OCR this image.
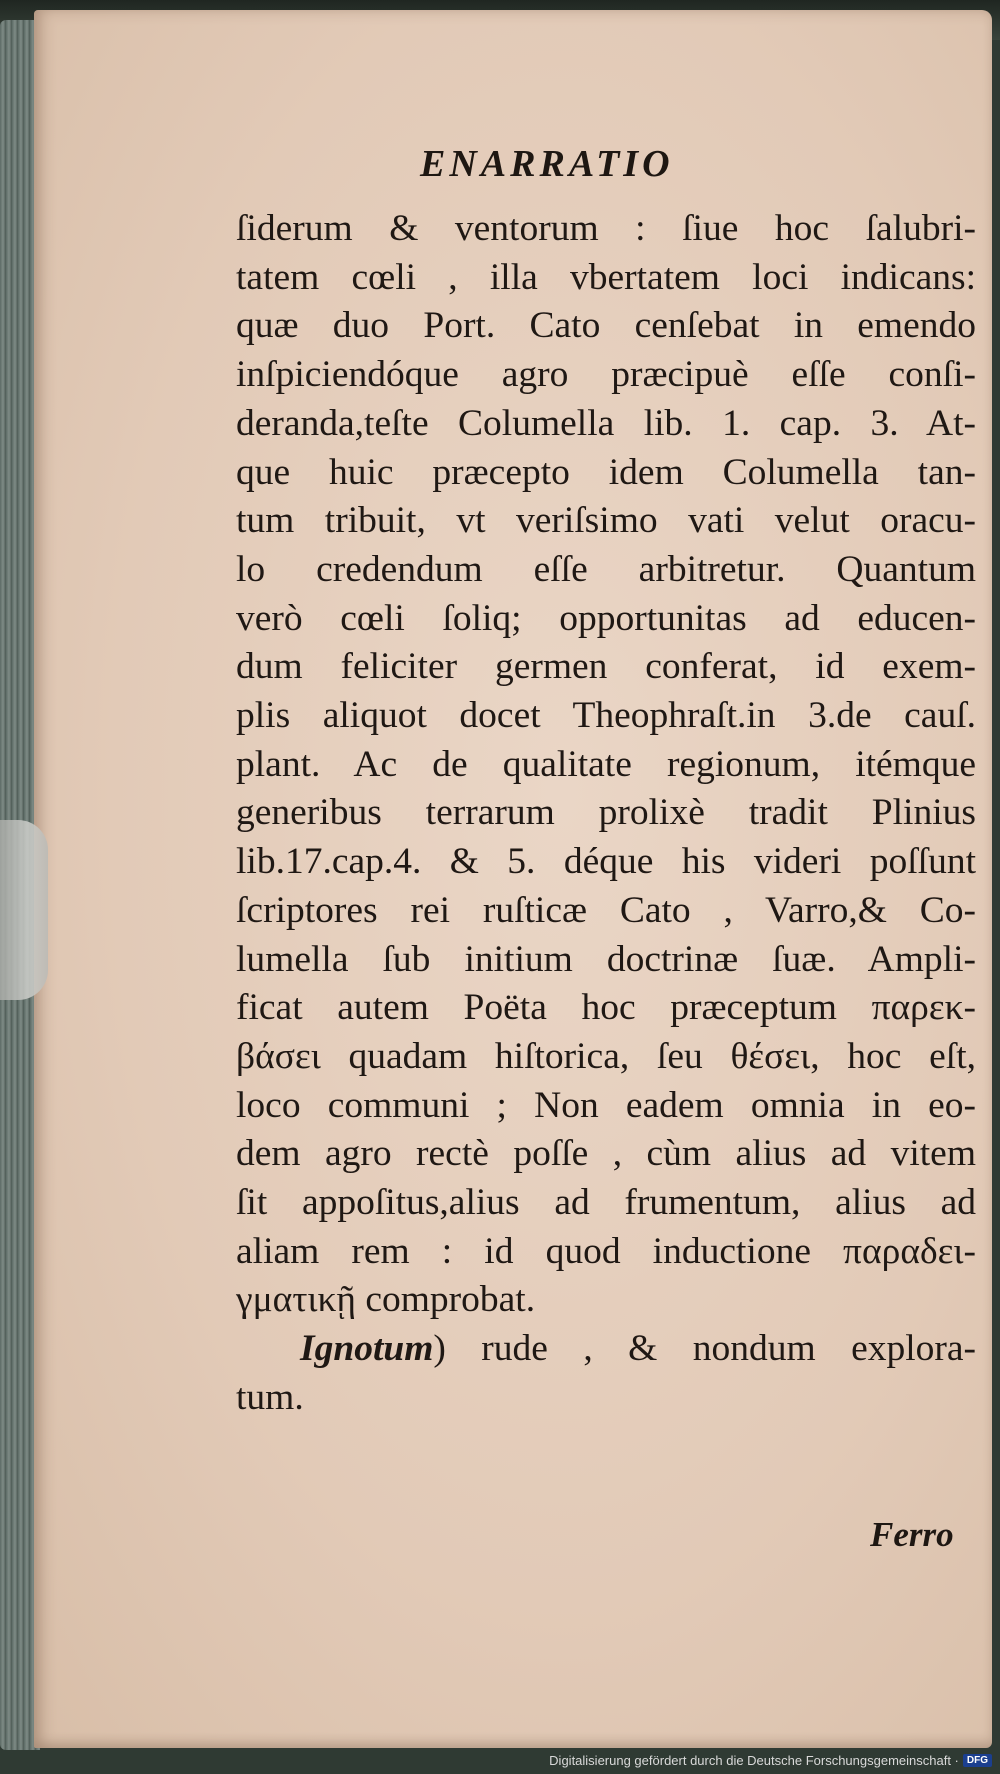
ENARRATIO
ſiderum & ventorum : ſiue hoc ſalubri-
tatem cœli , illa vbertatem loci indicans:
quæ duo Port. Cato cenſebat in emendo
inſpiciendóque agro præcipuè eſſe conſi-
deranda,teſte Columella lib. 1. cap. 3. At-
que huic præcepto idem Columella tan-
tum tribuit, vt veriſsimo vati velut oracu-
lo credendum eſſe arbitretur. Quantum
verò cœli ſoliq; opportunitas ad educen-
dum feliciter germen conferat, id exem-
plis aliquot docet Theophraſt.in 3.de cauſ.
plant. Ac de qualitate regionum, itémque
generibus terrarum prolixè tradit Plinius
lib.17.cap.4. & 5. déque his videri poſſunt
ſcriptores rei ruſticæ Cato , Varro,& Co-
lumella ſub initium doctrinæ ſuæ. Ampli-
ficat autem Poëta hoc præceptum παρεκ-
βάσει quadam hiſtorica, ſeu θέσει, hoc eſt,
loco communi ; Non eadem omnia in eo-
dem agro rectè poſſe , cùm alius ad vitem
ſit appoſitus,alius ad frumentum, alius ad
aliam rem : id quod inductione παραδει-
γματικῇ comprobat.
Ignotum) rude , & nondum explora-
tum.
Ferro
Digitalisierung gefördert durch die Deutsche Forschungsgemeinschaft · DFG
